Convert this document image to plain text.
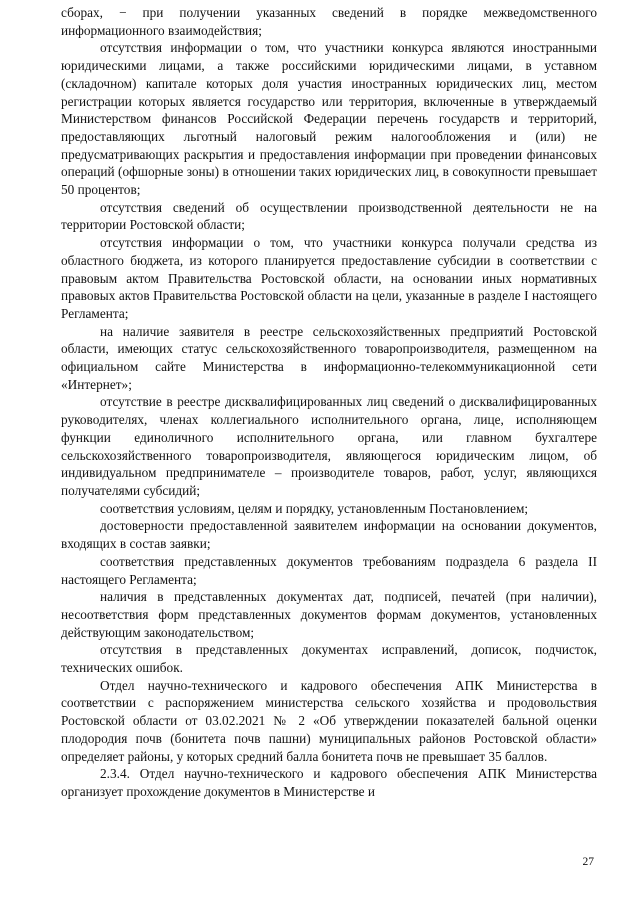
сборах, − при получении указанных сведений в порядке межведомственного информационного взаимодействия;

отсутствия информации о том, что участники конкурса являются иностранными юридическими лицами, а также российскими юридическими лицами, в уставном (складочном) капитале которых доля участия иностранных юридических лиц, местом регистрации которых является государство или территория, включенные в утверждаемый Министерством финансов Российской Федерации перечень государств и территорий, предоставляющих льготный налоговый режим налогообложения и (или) не предусматривающих раскрытия и предоставления информации при проведении финансовых операций (офшорные зоны) в отношении таких юридических лиц, в совокупности превышает 50 процентов;

отсутствия сведений об осуществлении производственной деятельности не на территории Ростовской области;

отсутствия информации о том, что участники конкурса получали средства из областного бюджета, из которого планируется предоставление субсидии в соответствии с правовым актом Правительства Ростовской области, на основании иных нормативных правовых актов Правительства Ростовской области на цели, указанные в разделе I настоящего Регламента;

на наличие заявителя в реестре сельскохозяйственных предприятий Ростовской области, имеющих статус сельскохозяйственного товаропроизводителя, размещенном на официальном сайте Министерства в информационно-телекоммуникационной сети «Интернет»;

отсутствие в реестре дисквалифицированных лиц сведений о дисквалифицированных руководителях, членах коллегиального исполнительного органа, лице, исполняющем функции единоличного исполнительного органа, или главном бухгалтере сельскохозяйственного товаропроизводителя, являющегося юридическим лицом, об индивидуальном предпринимателе – производителе товаров, работ, услуг, являющихся получателями субсидий;

соответствия условиям, целям и порядку, установленным Постановлением;

достоверности предоставленной заявителем информации на основании документов, входящих в состав заявки;

соответствия представленных документов требованиям подраздела 6 раздела II настоящего Регламента;

наличия в представленных документах дат, подписей, печатей (при наличии), несоответствия форм представленных документов формам документов, установленных действующим законодательством;

отсутствия в представленных документах исправлений, дописок, подчисток, технических ошибок.

Отдел научно-технического и кадрового обеспечения АПК Министерства в соответствии с распоряжением министерства сельского хозяйства и продовольствия Ростовской области от 03.02.2021 № 2 «Об утверждении показателей бальной оценки плодородия почв (бонитета почв пашни) муниципальных районов Ростовской области» определяет районы, у которых средний балла бонитета почв не превышает 35 баллов.

2.3.4. Отдел научно-технического и кадрового обеспечения АПК Министерства организует прохождение документов в Министерстве и

27
